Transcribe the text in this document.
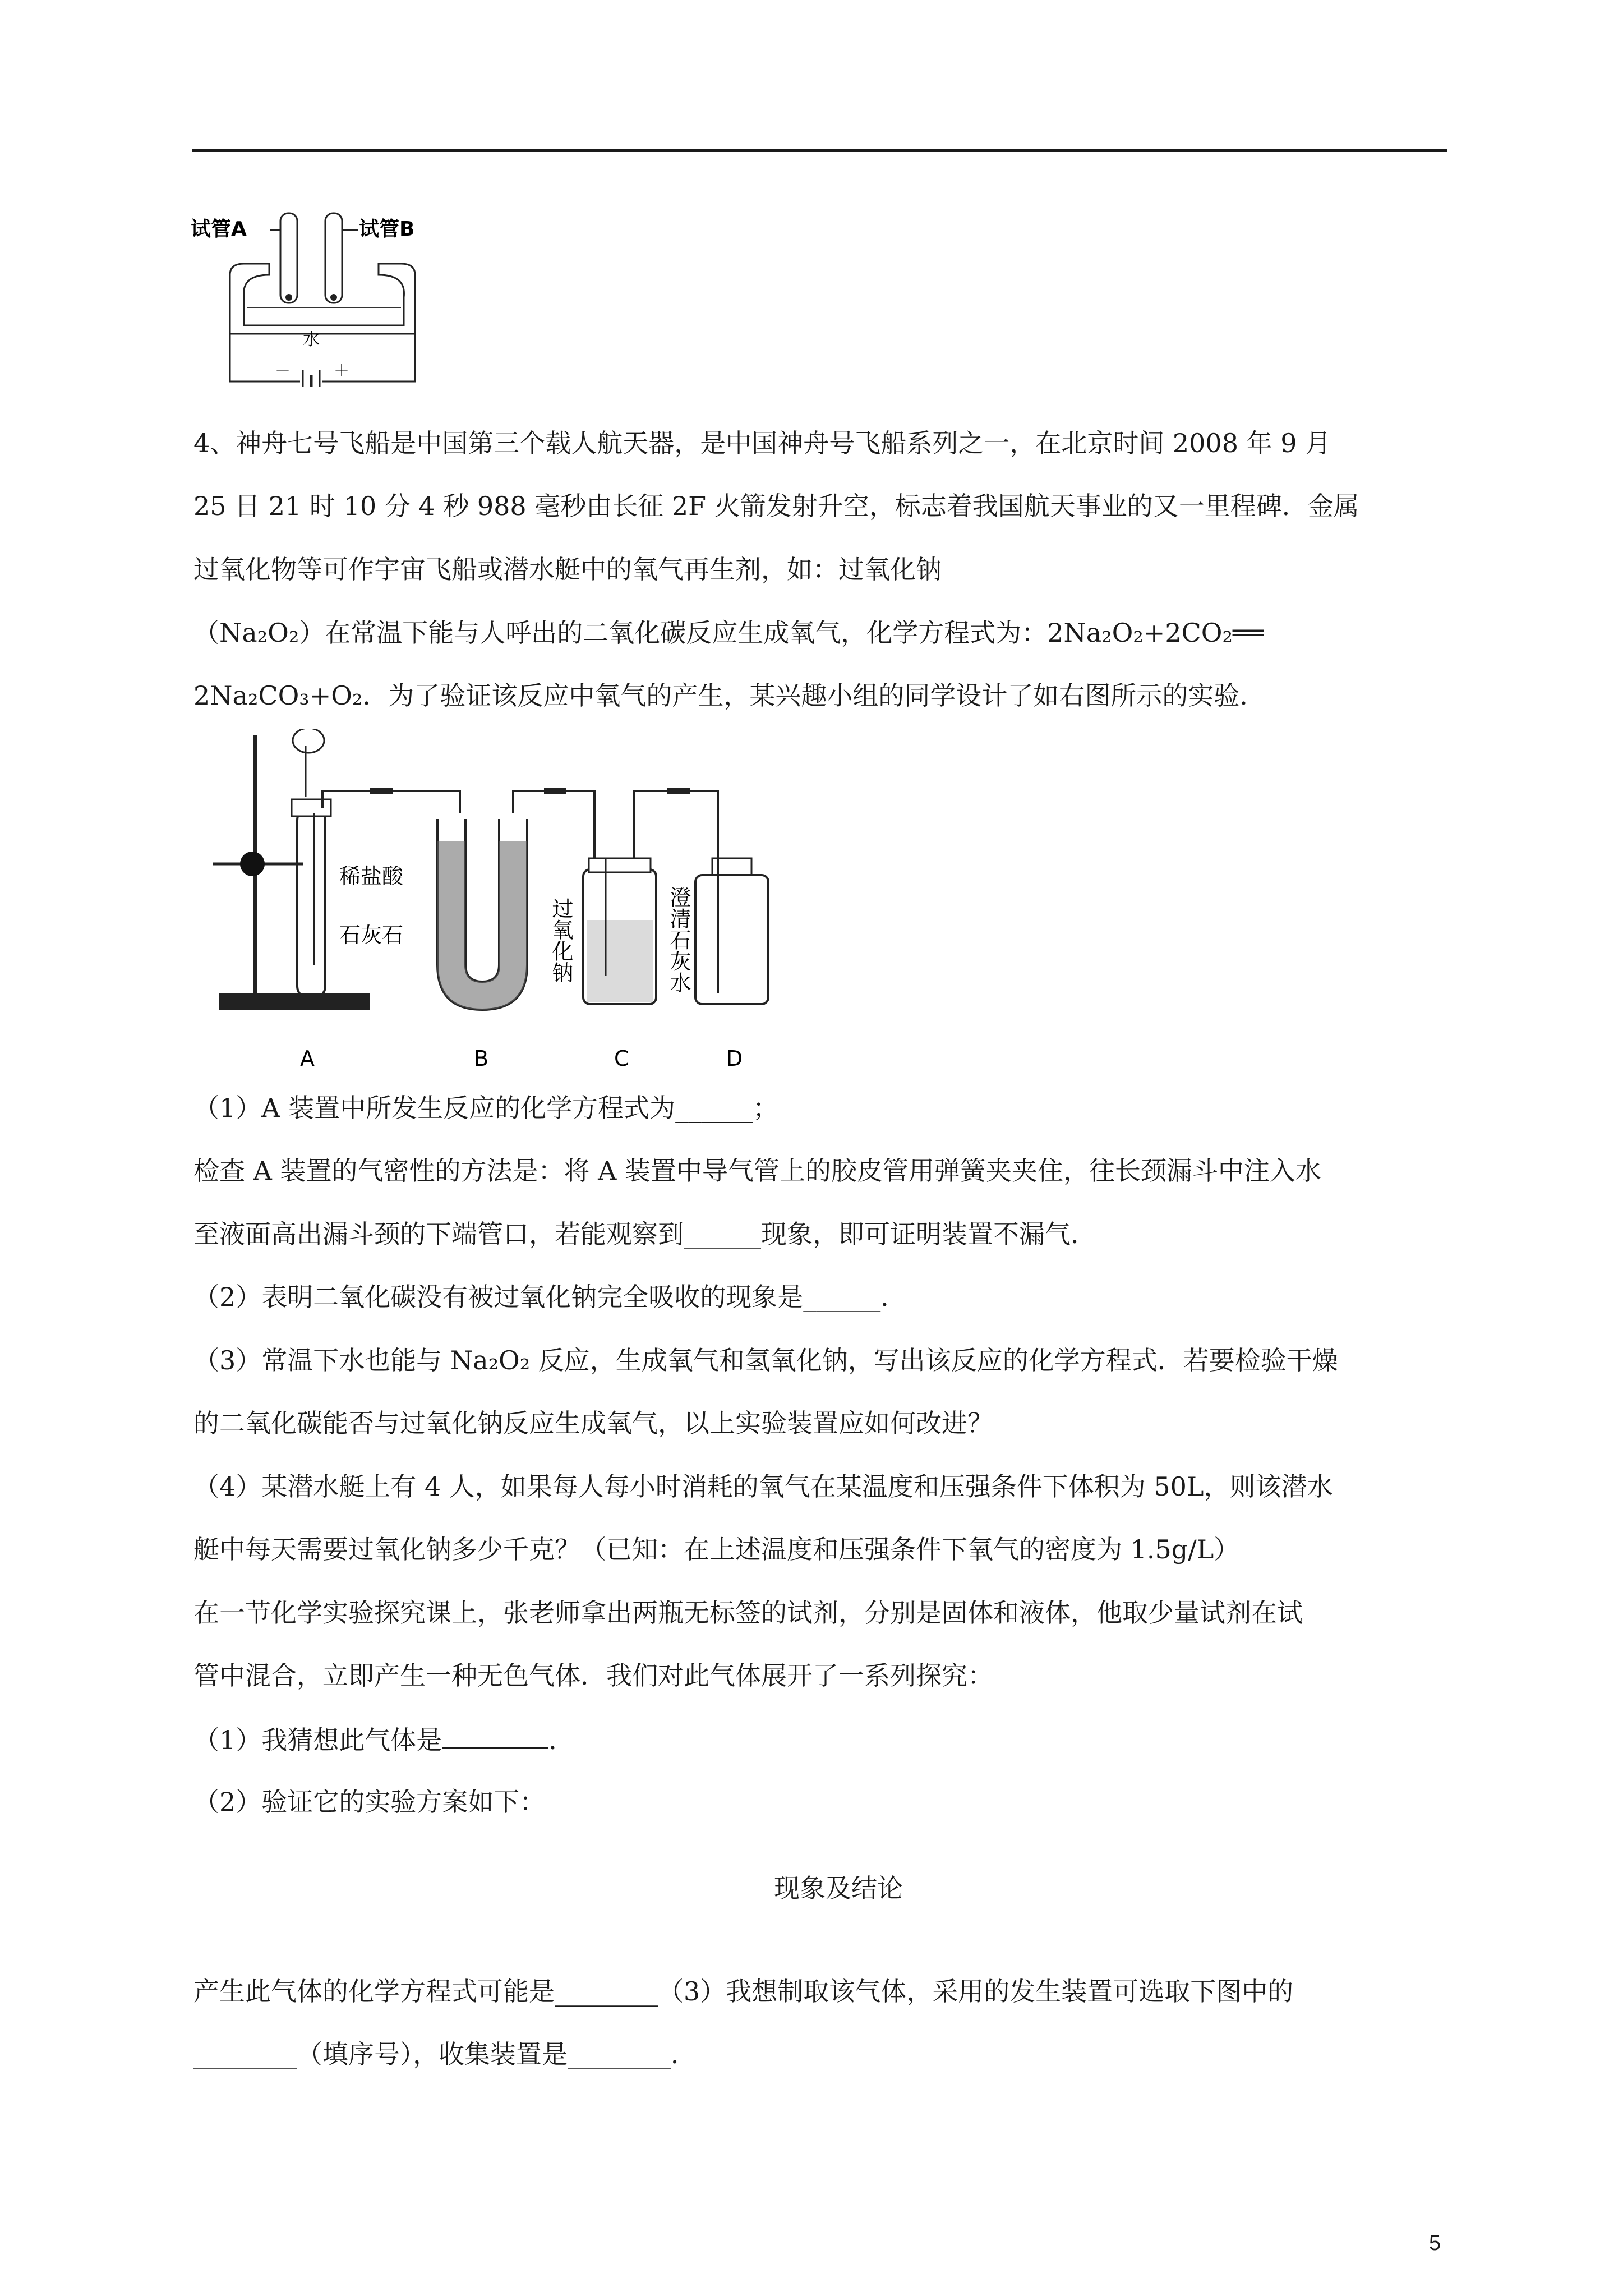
试管A	试管B
水
－	＋
4、神舟七号飞船是中国第三个载人航天器，是中国神舟号飞船系列之一，在北京时间 2008 年 9 月
25 日 21 时 10 分 4 秒 988 毫秒由长征 2F 火箭发射升空，标志着我国航天事业的又一里程碑．金属
过氧化物等可作宇宙飞船或潜水艇中的氧气再生剂，如：过氧化钠
（Na₂O₂）在常温下能与人呼出的二氧化碳反应生成氧气，化学方程式为：2Na₂O₂+2CO₂══
2Na₂CO₃+O₂．为了验证该反应中氧气的产生，某兴趣小组的同学设计了如右图所示的实验．
稀盐酸
石灰石	过氧化钠	澄清石灰水
A	B	C	D
（1）A 装置中所发生反应的化学方程式为______；
检查 A 装置的气密性的方法是：将 A 装置中导气管上的胶皮管用弹簧夹夹住，往长颈漏斗中注入水
至液面高出漏斗颈的下端管口，若能观察到______现象，即可证明装置不漏气．
（2）表明二氧化碳没有被过氧化钠完全吸收的现象是______．
（3）常温下水也能与 Na₂O₂ 反应，生成氧气和氢氧化钠，写出该反应的化学方程式．若要检验干燥
的二氧化碳能否与过氧化钠反应生成氧气，以上实验装置应如何改进？
（4）某潜水艇上有 4 人，如果每人每小时消耗的氧气在某温度和压强条件下体积为 50L，则该潜水
艇中每天需要过氧化钠多少千克？（已知：在上述温度和压强条件下氧气的密度为 1.5g/L）
在一节化学实验探究课上，张老师拿出两瓶无标签的试剂，分别是固体和液体，他取少量试剂在试
管中混合，立即产生一种无色气体．我们对此气体展开了一系列探究：
（1）我猜想此气体是	．
（2）验证它的实验方案如下：
现象及结论
产生此气体的化学方程式可能是________（3）我想制取该气体，采用的发生装置可选取下图中的
________（填序号），收集装置是________．
5
